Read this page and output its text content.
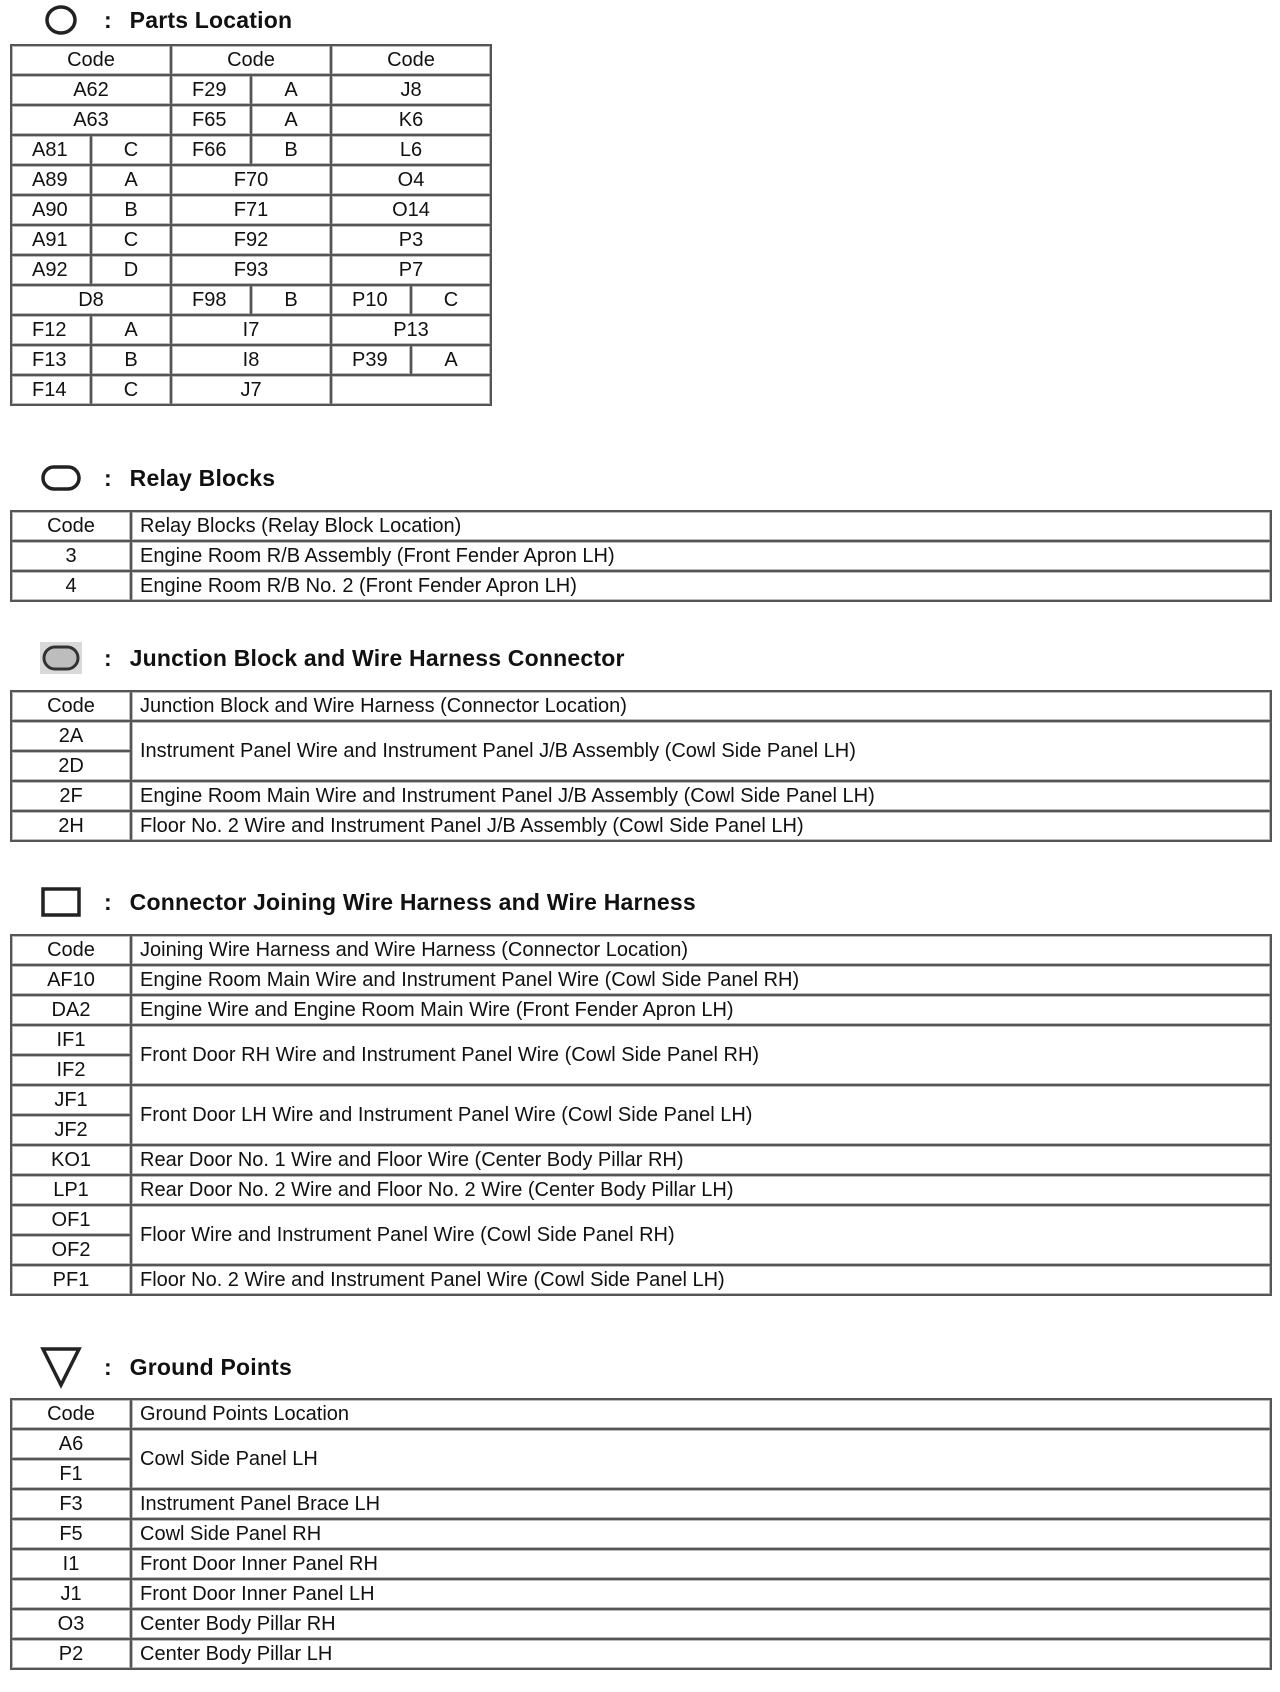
: Parts Location
Code		Code		Code	
A62		F29	A	J8	
A63		F65	A	K6	
A81	C	F66	B	L6	
A89	A	F70		O4	
A90	B	F71		O14	
A91	C	F92		P3	
A92	D	F93		P7	
D8		F98	B	P10	C
F12	A	I7		P13	
F13	B	I8		P39	A
F14	C	J7			
: Relay Blocks
Code	Relay Blocks (Relay Block Location)
3	Engine Room R/B Assembly (Front Fender Apron LH)
4	Engine Room R/B No. 2 (Front Fender Apron LH)
: Junction Block and Wire Harness Connector
Code	Junction Block and Wire Harness (Connector Location)
2A	Instrument Panel Wire and Instrument Panel J/B Assembly (Cowl Side Panel LH)
2D	
2F	Engine Room Main Wire and Instrument Panel J/B Assembly (Cowl Side Panel LH)
2H	Floor No. 2 Wire and Instrument Panel J/B Assembly (Cowl Side Panel LH)
: Connector Joining Wire Harness and Wire Harness
Code	Joining Wire Harness and Wire Harness (Connector Location)
AF10	Engine Room Main Wire and Instrument Panel Wire (Cowl Side Panel RH)
DA2	Engine Wire and Engine Room Main Wire (Front Fender Apron LH)
IF1	Front Door RH Wire and Instrument Panel Wire (Cowl Side Panel RH)
IF2	
JF1	Front Door LH Wire and Instrument Panel Wire (Cowl Side Panel LH)
JF2	
KO1	Rear Door No. 1 Wire and Floor Wire (Center Body Pillar RH)
LP1	Rear Door No. 2 Wire and Floor No. 2 Wire (Center Body Pillar LH)
OF1	Floor Wire and Instrument Panel Wire (Cowl Side Panel RH)
OF2	
PF1	Floor No. 2 Wire and Instrument Panel Wire (Cowl Side Panel LH)
: Ground Points
Code	Ground Points Location
A6	Cowl Side Panel LH
F1	
F3	Instrument Panel Brace LH
F5	Cowl Side Panel RH
I1	Front Door Inner Panel RH
J1	Front Door Inner Panel LH
O3	Center Body Pillar RH
P2	Center Body Pillar LH
